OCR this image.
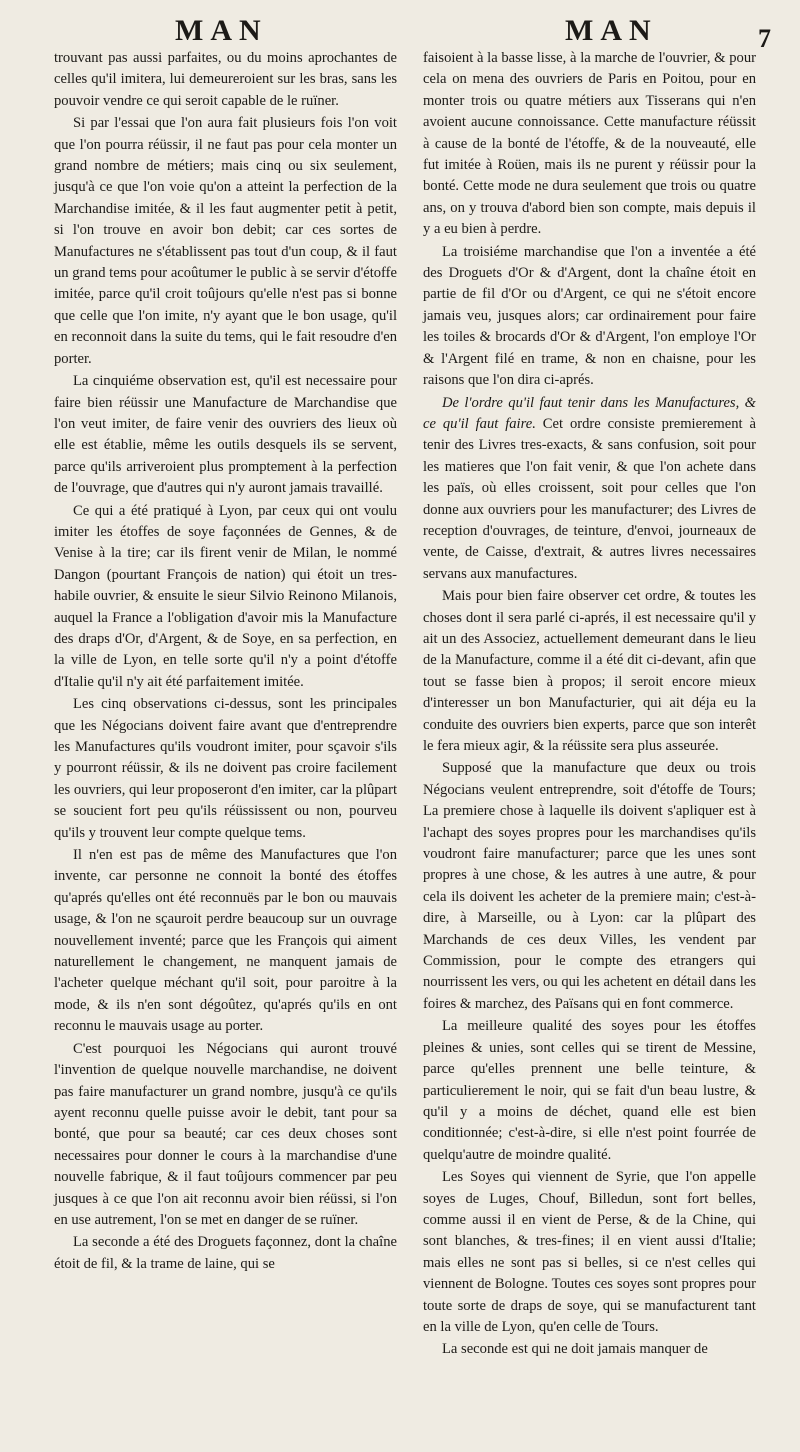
MAN	MAN	7

trouvant pas aussi parfaites, ou du moins aprochantes de celles qu'il imitera, lui demeureroient sur les bras, sans les pouvoir vendre ce qui seroit capable de le ruïner.

Si par l'essai que l'on aura fait plusieurs fois l'on voit que l'on pourra réüssir, il ne faut pas pour cela monter un grand nombre de métiers; mais cinq ou six seulement, jusqu'à ce que l'on voie qu'on a atteint la perfection de la Marchandise imitée, & il les faut augmenter petit à petit, si l'on trouve en avoir bon debit; car ces sortes de Manufactures ne s'établissent pas tout d'un coup, & il faut un grand tems pour acoûtumer le public à se servir d'étoffe imitée, parce qu'il croit toûjours qu'elle n'est pas si bonne que celle que l'on imite, n'y ayant que le bon usage, qu'il en reconnoit dans la suite du tems, qui le fait resoudre d'en porter.

La cinquiéme observation est, qu'il est necessaire pour faire bien réüssir une Manufacture de Marchandise que l'on veut imiter, de faire venir des ouvriers des lieux où elle est établie, même les outils desquels ils se servent, parce qu'ils arriveroient plus promptement à la perfection de l'ouvrage, que d'autres qui n'y auront jamais travaillé.

Ce qui a été pratiqué à Lyon, par ceux qui ont voulu imiter les étoffes de soye façonnées de Gennes, & de Venise à la tire; car ils firent venir de Milan, le nommé Dangon (pourtant François de nation) qui étoit un tres-habile ouvrier, & ensuite le sieur Silvio Reinono Milanois, auquel la France a l'obligation d'avoir mis la Manufacture des draps d'Or, d'Argent, & de Soye, en sa perfection, en la ville de Lyon, en telle sorte qu'il n'y a point d'étoffe d'Italie qu'il n'y ait été parfaitement imitée.

Les cinq observations ci-dessus, sont les principales que les Négocians doivent faire avant que d'entreprendre les Manufactures qu'ils voudront imiter, pour sçavoir s'ils y pourront réüssir, & ils ne doivent pas croire facilement les ouvriers, qui leur proposeront d'en imiter, car la plûpart se soucient fort peu qu'ils réüssissent ou non, pourveu qu'ils y trouvent leur compte quelque tems.

Il n'en est pas de même des Manufactures que l'on invente, car personne ne connoit la bonté des étoffes qu'aprés qu'elles ont été reconnuës par le bon ou mauvais usage, & l'on ne sçauroit perdre beaucoup sur un ouvrage nouvellement inventé; parce que les François qui aiment naturellement le changement, ne manquent jamais de l'acheter quelque méchant qu'il soit, pour paroitre à la mode, & ils n'en sont dégoûtez, qu'aprés qu'ils en ont reconnu le mauvais usage au porter.

C'est pourquoi les Négocians qui auront trouvé l'invention de quelque nouvelle marchandise, ne doivent pas faire manufacturer un grand nombre, jusqu'à ce qu'ils ayent reconnu quelle puisse avoir le debit, tant pour sa bonté, que pour sa beauté; car ces deux choses sont necessaires pour donner le cours à la marchandise d'une nouvelle fabrique, & il faut toûjours commencer par peu jusques à ce que l'on ait reconnu avoir bien réüssi, si l'on en use autrement, l'on se met en danger de se ruïner.

La seconde a été des Droguets façonnez, dont la chaîne étoit de fil, & la trame de laine, qui se

faisoient à la basse lisse, à la marche de l'ouvrier, & pour cela on mena des ouvriers de Paris en Poitou, pour en monter trois ou quatre métiers aux Tisserans qui n'en avoient aucune connoissance. Cette manufacture réüssit à cause de la bonté de l'étoffe, & de la nouveauté, elle fut imitée à Roüen, mais ils ne purent y réüssir pour la bonté. Cette mode ne dura seulement que trois ou quatre ans, on y trouva d'abord bien son compte, mais depuis il y a eu bien à perdre.

La troisiéme marchandise que l'on a inventée a été des Droguets d'Or & d'Argent, dont la chaîne étoit en partie de fil d'Or ou d'Argent, ce qui ne s'étoit encore jamais veu, jusques alors; car ordinairement pour faire les toiles & brocards d'Or & d'Argent, l'on employe l'Or & l'Argent filé en trame, & non en chaisne, pour les raisons que l'on dira ci-aprés.

De l'ordre qu'il faut tenir dans les Manufactures, & ce qu'il faut faire. Cet ordre consiste premierement à tenir des Livres tres-exacts, & sans confusion, soit pour les matieres que l'on fait venir, & que l'on achete dans les païs, où elles croissent, soit pour celles que l'on donne aux ouvriers pour les manufacturer; des Livres de reception d'ouvrages, de teinture, d'envoi, journeaux de vente, de Caisse, d'extrait, & autres livres necessaires servans aux manufactures.

Mais pour bien faire observer cet ordre, & toutes les choses dont il sera parlé ci-aprés, il est necessaire qu'il y ait un des Associez, actuellement demeurant dans le lieu de la Manufacture, comme il a été dit ci-devant, afin que tout se fasse bien à propos; il seroit encore mieux d'interesser un bon Manufacturier, qui ait déja eu la conduite des ouvriers bien experts, parce que son interêt le fera mieux agir, & la réüssite sera plus asseurée.

Supposé que la manufacture que deux ou trois Négocians veulent entreprendre, soit d'étoffe de Tours; La premiere chose à laquelle ils doivent s'apliquer est à l'achapt des soyes propres pour les marchandises qu'ils voudront faire manufacturer; parce que les unes sont propres à une chose, & les autres à une autre, & pour cela ils doivent les acheter de la premiere main; c'est-à-dire, à Marseille, ou à Lyon: car la plûpart des Marchands de ces deux Villes, les vendent par Commission, pour le compte des etrangers qui nourrissent les vers, ou qui les achetent en détail dans les foires & marchez, des Païsans qui en font commerce.

La meilleure qualité des soyes pour les étoffes pleines & unies, sont celles qui se tirent de Messine, parce qu'elles prennent une belle teinture, & particulierement le noir, qui se fait d'un beau lustre, & qu'il y a moins de déchet, quand elle est bien conditionnée; c'est-à-dire, si elle n'est point fourrée de quelqu'autre de moindre qualité.

Les Soyes qui viennent de Syrie, que l'on appelle soyes de Luges, Chouf, Billedun, sont fort belles, comme aussi il en vient de Perse, & de la Chine, qui sont blanches, & tres-fines; il en vient aussi d'Italie; mais elles ne sont pas si belles, si ce n'est celles qui viennent de Bologne. Toutes ces soyes sont propres pour toute sorte de draps de soye, qui se manufacturent tant en la ville de Lyon, qu'en celle de Tours.

La seconde est qui ne doit jamais manquer de
